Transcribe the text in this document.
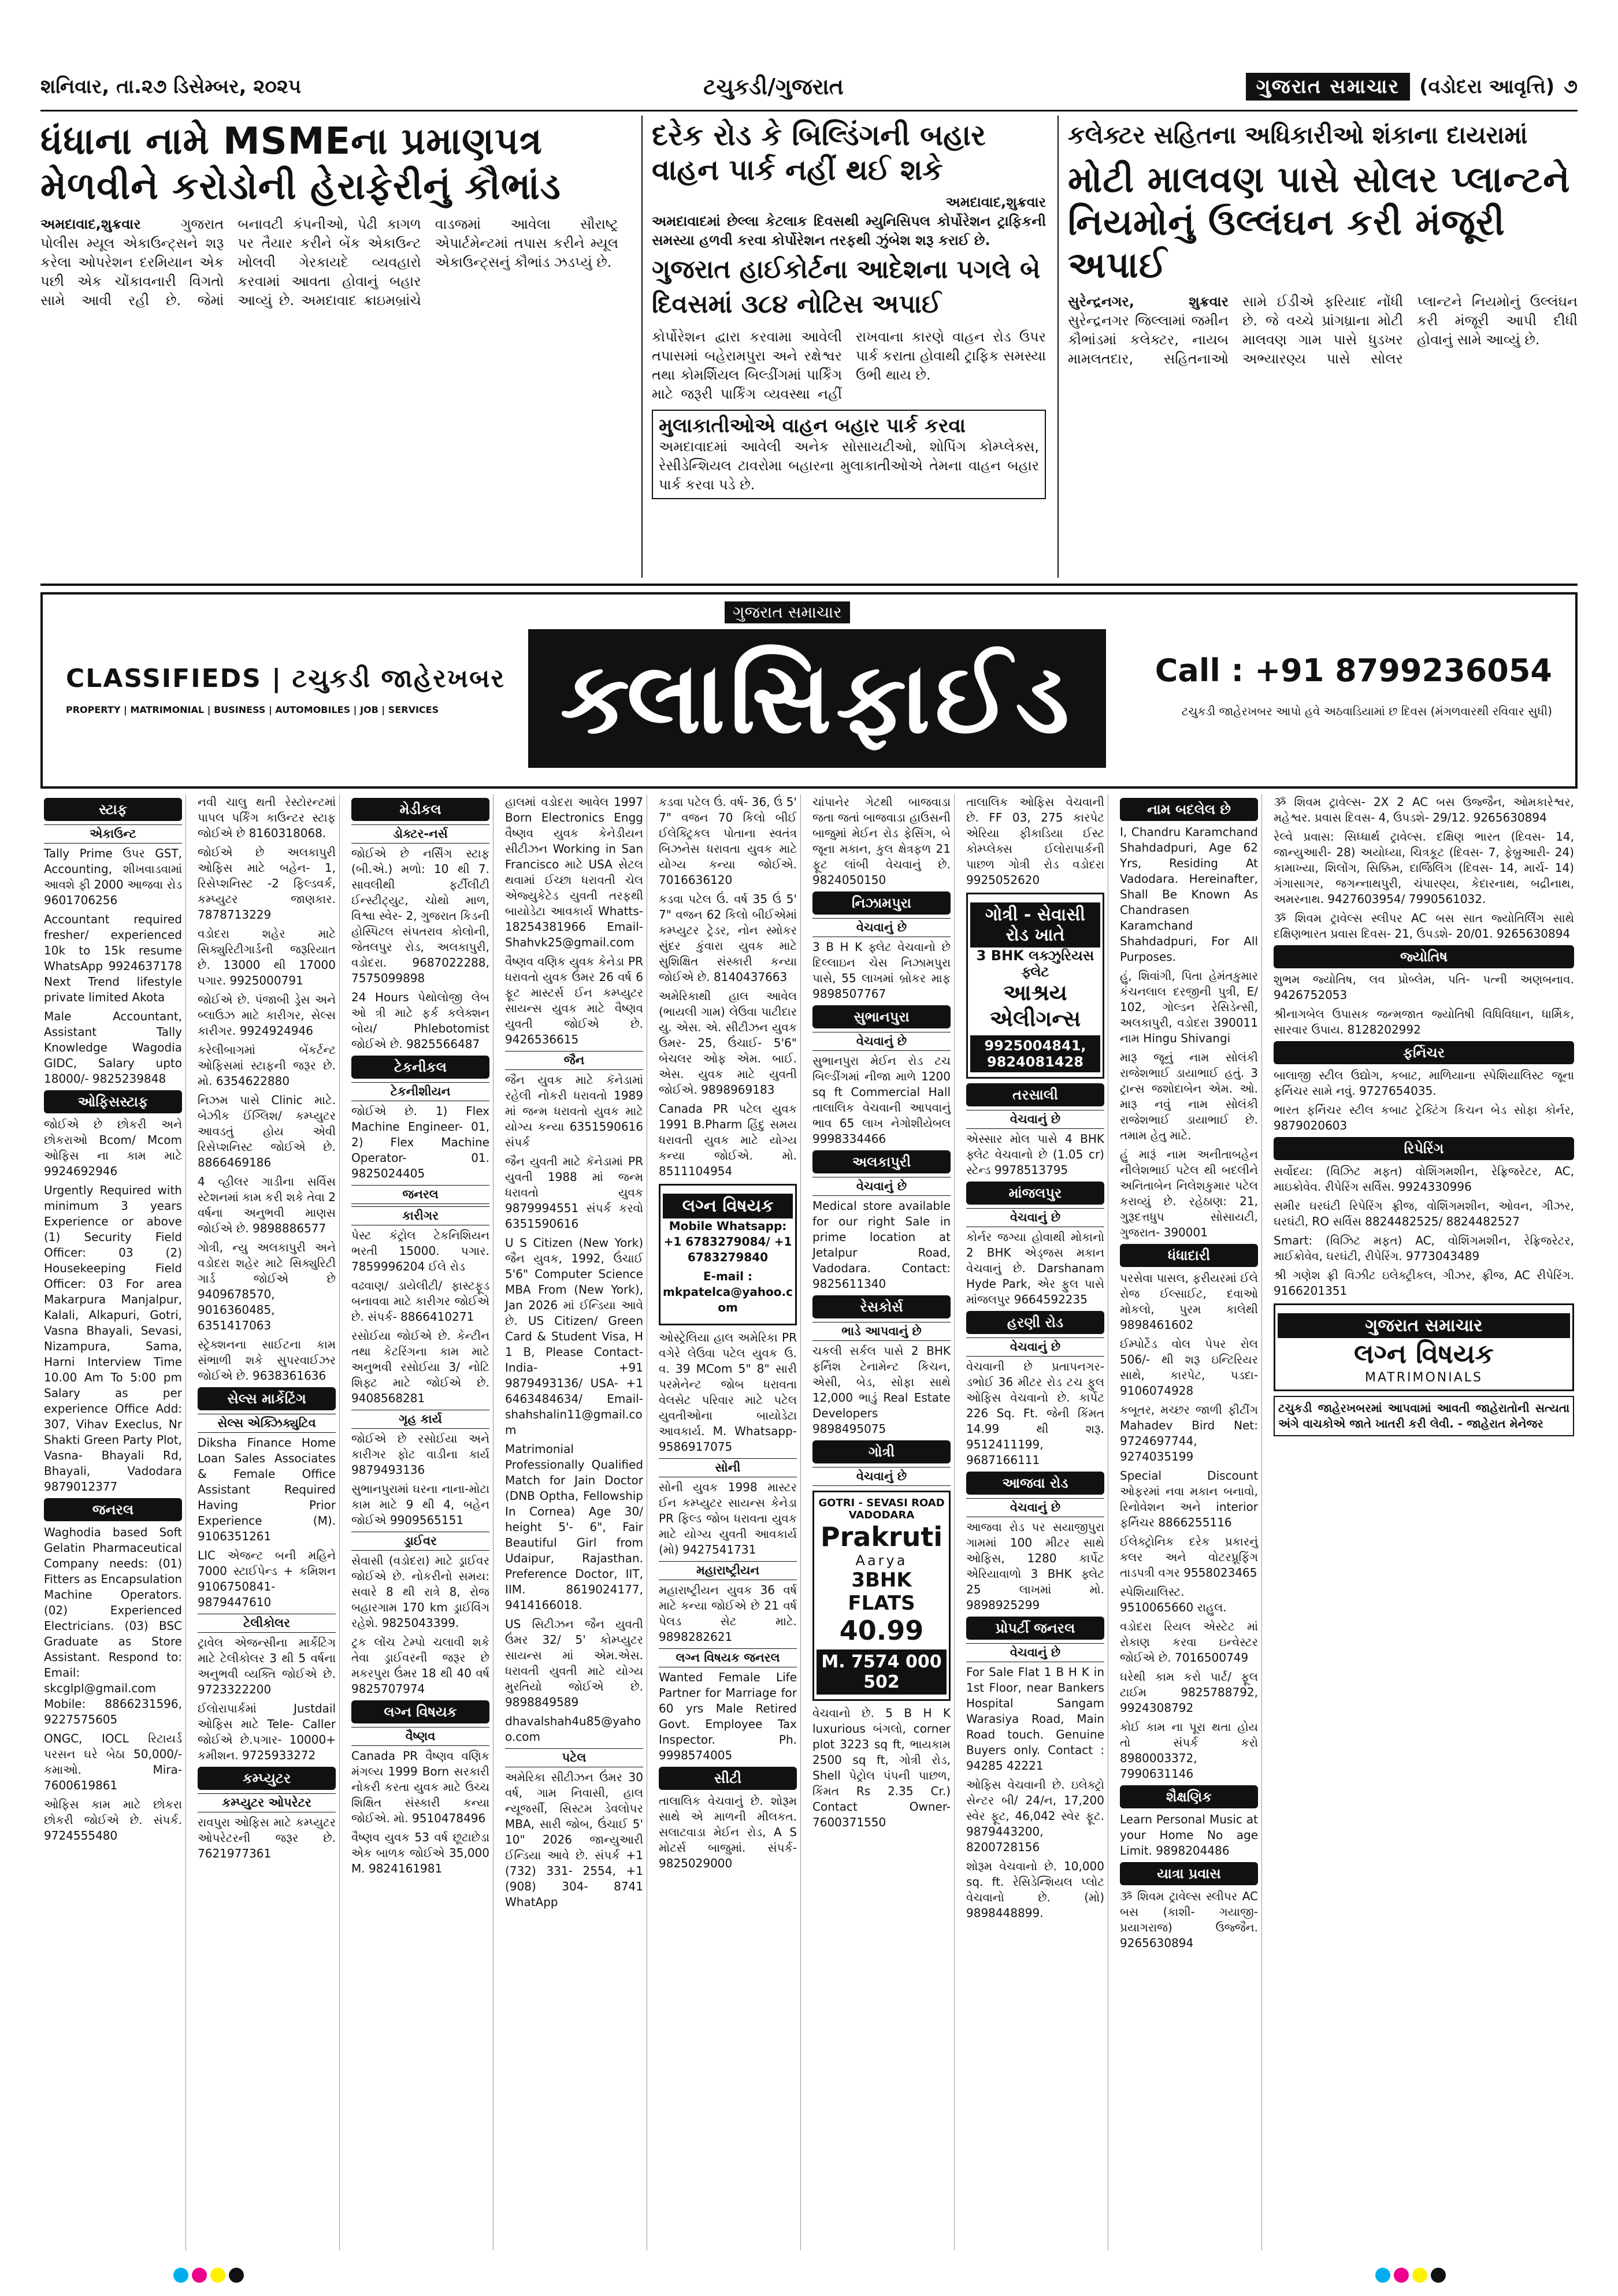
શનિવાર, તા.૨૭ ડિસેમ્બર, ૨૦૨૫	ટચુકડી/ગુજરાત	ગુજરાત સમાચાર	(વડોદરા આવૃત્તિ) ૭
ધંધાના નામે MSMEના પ્રમાણપત્ર મેળવીને કરોડોની હેરાફેરીનું કૌભાંડ

અમદાવાદ,શુક્રવાર	ગુજરાત પોલીસ મ્યૂલ એકાઉન્ટ્સને શરૂ કરેલા ઓપરેશન દરમિયાન એક પછી એક ચોંકાવનારી વિગતો સામે આવી રહી છે. જેમાં બનાવટી કંપનીઓ, પેઢી કાગળ પર તૈયાર કરીને બેંક એકાઉન્ટ ખોલવી ગેરકાયદે વ્યવહારો કરવામાં આવતા હોવાનું બહાર આવ્યું છે. અમદાવાદ ક્રાઇમબ્રાંચે વાડજમાં આવેલા સૌરાષ્ટ્ર એપાર્ટમેન્ટમાં તપાસ કરીને મ્યૂલ એકાઉન્ટ્સનું કૌભાંડ ઝડપ્યું છે.

દરેક રોડ કે બિલ્ડિંગની બહાર વાહન પાર્ક નહીં થઈ શકે

અમદાવાદ,શુક્રવાર

અમદાવાદમાં છેલ્લા કેટલાક દિવસથી મ્યુનિસિપલ કોર્પોરેશન ટ્રાફિકની સમસ્યા હળવી કરવા કોર્પોરેશન તરફથી ઝુંબેશ શરૂ કરાઈ છે.

ગુજરાત હાઈકોર્ટના આદેશના પગલે બે દિવસમાં ૩૮૪ નોટિસ અપાઈ

કોર્પોરેશન દ્વારા કરવામા આવેલી તપાસમાં બહેરામપુરા અને રક્ષેશ્વર તથા કોમર્શિયલ બિલ્ડીંગમાં પાર્કિંગ માટે જરૂરી પાર્કિંગ વ્યવસ્થા નહીં રાખવાના કારણે વાહન રોડ ઉપર પાર્ક કરાતા હોવાથી ટ્રાફિક સમસ્યા ઉભી થાય છે.

મુલાકાતીઓએ વાહન બહાર પાર્ક કરવા

અમદાવાદમાં આવેલી અનેક સોસાયટીઓ, શોપિંગ કોમ્પ્લેક્સ, રેસીડેન્શિયલ ટાવરોમા બહારના મુલાકાતીઓએ તેમના વાહન બહાર પાર્ક કરવા પડે છે.

કલેક્ટર સહિતના અધિકારીઓ શંકાના દાયરામાં
મોટી માલવણ પાસે સોલર પ્લાન્ટને નિયમોનું ઉલ્લંઘન કરી મંજૂરી અપાઈ

સુરેન્દ્રનગર, શુક્રવાર સુરેન્દ્રનગર જિલ્લામાં જમીન કૌભાંડમાં કલેક્ટર, નાયબ મામલતદાર, સહિતનાઓ સામે ઈડીએ ફરિયાદ નોંધી છે. જે વચ્ચે પ્રાંગધ્રાના મોટી માલવણ ગામ પાસે ધુડખર અભ્યારણ્ય પાસે સોલર પ્લાન્ટને નિયમોનું ઉલ્લંઘન કરી મંજૂરી આપી દીધી હોવાનું સામે આવ્યું છે.

ગુજરાત સમાચાર
CLASSIFIEDS | ટચુકડી જાહેરખબર
PROPERTY | MATRIMONIAL | BUSINESS | AUTOMOBILES | JOB | SERVICES	ક્લાસિફાઈડ	Call : +91 8799236054
ટચુકડી જાહેરખબર આપો હવે અઠવાડિયામાં છ દિવસ (મંગળવારથી રવિવાર સુધી)
સ્ટાફ
એકાઉન્ટ

Tally Prime ઉપર GST, Accounting, શીખવાડવામાં આવશે ફી 2000 આજવા રોડ 9601706256

Accountant required fresher/ experienced 10k to 15k resume WhatsApp 9924637178 Next Trend lifestyle private limited Akota

Male Accountant, Assistant Tally Knowledge Wagodia GIDC, Salary upto 18000/- 9825239848

ઓફિસસ્ટાફ

જોઈએ છે છોકરી અને છોકરાઓ Bcom/ Mcom ઓફિસ ના કામ માટે 9924692946

Urgently Required with minimum 3 years Experience or above (1) Security Field Officer: 03 (2) Housekeeping Field Officer: 03 For area Makarpura Manjalpur, Kalali, Alkapuri, Gotri, Vasna Bhayali, Sevasi, Nizampura, Sama, Harni Interview Time 10.00 Am To 5:00 pm Salary as per experience Office Add: 307, Vihav Execlus, Nr Shakti Green Party Plot, Vasna- Bhayali Rd, Bhayali, Vadodara 9879012377

જનરલ

Waghodia based Soft Gelatin Pharmaceutical Company needs: (01) Fitters as Encapsulation Machine Operators. (02) Experienced Electricians. (03) BSC Graduate as Store Assistant. Respond to: Email: skcglpl@gmail.com Mobile: 8866231596, 9227575605

ONGC, IOCL રિટાયર્ડ પરસન ઘરે બેઠા 50,000/- કમાઓ. Mira- 7600619861

ઓફિસ કામ માટે છોકરા છોકરી જોઈએ છે. સંપર્ક. 9724555480

નવી ચાલુ થતી રેસ્ટોરન્ટમાં પાપલ પર્કિંગ કાઉન્ટર સ્ટાફ જોઈએ છે 8160318068.

જોઈએ છે અલકાપુરી ઓફિસ માટે બહેન- 1, રિસેપ્શનિસ્ટ -2 ફિલ્ડવર્ક, કમ્પ્યુટર જાણકાર. 7878713229

વડોદરા શહેર માટે સિક્યુરિટીગાર્ડની જરૂરિયાત છે. 13000 થી 17000 પગાર. 9925000791

જોઈએ છે. પંજાબી ડ્રેસ અને બ્લાઉઝ માટે કારીગર, સેલ્સ કારીગર. 9924924946

કરેલીબાગમાં બેંકર્ટન્ટ ઓફિસમાં સ્ટાફની જરૂર છે. મો. 6354622880

નિઝમ પાસે Clinic માટે. બેઝીક ઈંગ્લિશ/ કમ્પ્યુટર આવડતું હોય એવી રિસેપ્શનિસ્ટ જોઈએ છે. 8866469186

4 વ્હીલર ગાડીના સર્વિસ સ્ટેશનમાં કામ કરી શકે તેવા 2 વર્ષના અનુભવી માણસ જોઈએ છે. 9898886577

ગોત્રી, ન્યુ અલકાપુરી અને વડોદરા શહેર માટે સિક્યુરિટી ગાર્ડ જોઈએ છે 9409678570, 9016360485, 6351417063

સ્ટ્રેક્શનના સાઈટના કામ સંભાળી શકે સુપરવાઈઝર જોઈએ છે. 9638361636

સેલ્સ માર્કેટિંગ
સેલ્સ એક્ઝિક્યુટિવ

Diksha Finance Home Loan Sales Associates & Female Office Assistant Required Having Prior Experience (M). 9106351261

LIC એજન્ટ બની મહિને 7000 સ્ટાઈપેન્ડ + કમિશન 9106750841- 9879447610

ટેલીકોલર

ટ્રાવેલ એજન્સીના માર્કેટિંગ માટે ટેલીકોલર 3 થી 5 વર્ષના અનુભવી વ્યક્તિ જોઈએ છે. 9723322200

ઈલોરાપાર્કમાં Justdail ઓફિસ માટે Tele- Caller જોઈએ છે.પગાર- 10000+ કમીશન. 9725933272

કમ્પ્યુટર
કમ્પ્યુટર ઓપરેટર

રાવપુરા ઓફિસ માટે કમ્પ્યુટર ઓપરેટરની જરૂર છે. 7621977361

મેડીકલ
ડોક્ટર-નર્સ

જોઈએ છે નર્સિંગ સ્ટાફ (બી.એ.) મળો: 10 થી 7. સાવલીથી ફર્ટીલીટી ઈન્સ્ટીટ્યુટ, ચોથો માળ, વિશ્વા સ્વેર- 2, ગુજરાત કિડની હોસ્પિટલ સંપતરાવ કોલોની, જેતલપુર રોડ, અલકાપુરી, વડોદરા. 9687022288, 7575099898

24 Hours પેથોલોજી લેબ ઓ ત્રી માટે ફર્ક કલેક્શન બોય/ Phlebotomist જોઈએ છે. 9825566487

ટેકનીકલ
ટેકનીશીયન

જોઈએ છે. 1) Flex Machine Engineer- 01, 2) Flex Machine Operator- 01. 9825024405

જનરલ
કારીગર

પેસ્ટ કંટ્રોલ ટેકનિશિયન ભરતી 15000. પગાર. 7859996204 ઈલે રોડ

વઢવાણ/ ડાયેલીટી/ ફાસ્ટફૂડ બનાવવા માટે કારીગર જોઈએ છે. સંપર્ક- 8866410271

રસોઈયા જોઈએ છે. કેન્ટીન તથા કેટરિંગના કામ માટે અનુભવી રસોઈયા 3/ નોટિ શિફ્ટ માટે જોઈએ છે. 9408568281

ગૃહ કાર્ય

જોઈએ છે રસોઈયા અને કારીગર ફોટ વાડીના કાર્ય 9879493136

સુભાનપુરામાં ઘરના નાના-મોટા કામ માટે 9 થી 4, બહેન જોઈએ 9909565151

ડ્રાઈવર

સેવાસી (વડોદરા) માટે ડ્રાઈવર જોઈએ છે. નોકરીનો સમય: સવારે 8 થી રાત્રે 8, રોજ બહારગામ 170 km ડ્રાઈવિંગ રહેશે. 9825043399.

ટ્રક લોંચ ટેમ્પો ચલાવી શકે તેવા ડ્રાઈવરની જરૂર છે મકરપુરા ઉંમર 18 થી 40 વર્ષ 9825707974

લગ્ન વિષયક
વૈષ્ણવ

Canada PR વૈષ્ણવ વણિક મંગલ્ય 1999 Born સરકારી નોકરી કરતા યુવક માટે ઉચ્ચ શિક્ષિત સંસ્કારી કન્યા જોઈએ. મો. 9510478496

વૈષ્ણવ યુવક 53 વર્ષ છૂટાછેડા એક બાળક જોઈએ 35,000 M. 9824161981

હાલમાં વડોદરા આવેલ 1997 Born Electronics Engg વૈષ્ણવ યુવક કેનેડીયન સીટીઝન Working in San Francisco માટે USA સેટલ થવામાં ઈચ્છા ધરાવતી ચેલ એજ્યુકેટેડ યુવતી તરફથી બાયોડેટા આવકાર્ય Whatts- 18254381966 Email- Shahvk25@gmail.com

વૈષ્ણવ વણિક યુવક કેનેડા PR ધરાવતો યુવક ઉંમર 26 વર્ષ 6 ફૂટ માસ્ટર્સ ઈન કમ્પ્યુટર સાયન્સ યુવક માટે વૈષ્ણવ યુવતી જોઈએ છે. 9426536615

જૈન

જૈન યુવક માટે કૅનેડામાં રહેલી નોકરી ધરાવતો 1989 માં જન્મ ધરાવતો યુવક માટે યોગ્ય કન્યા 6351590616 સંપર્ક

જૈન યુવતી માટે કૅનેડામાં PR યુવતી 1988 માં જન્મ ધરાવતો યુવક 9879994551 સંપર્ક કરવો 6351590616

U S Citizen (New York) જૈન યુવક, 1992, ઉંચાઈ 5'6" Computer Science MBA From (New York), Jan 2026 માં ઈન્ડિયા આવે છે. US Citizen/ Green Card & Student Visa, H 1 B, Please Contact- India- +91 9879493136/ USA- +1 6463484634/ Email- shahshalin11@gmail.com

Matrimonial Professionally Qualified Match for Jain Doctor (DNB Optha, Fellowship In Cornea) Age 30/ height 5'- 6", Fair Beautiful Girl from Udaipur, Rajasthan. Preference Doctor, IIT, IIM. 8619024177, 9414166018.

US સિટીઝન જૈન યુવતી ઉંમર 32/ 5' કોમ્પ્યુટર સાયન્સ માં એમ.એસ. ધરાવતી યુવતી માટે યોગ્ય મુરતિયો જોઈએ છે. 9898849589

dhavalshah4u85@yahoo.com

પટેલ

અમેરિકા સીટીઝન ઉંમર 30 વર્ષ, ગામ નિવાસી, હાલ ન્યૂજર્સી, સિસ્ટમ ડેવલોપર MBA, સારી જોબ, ઉંચાઈ 5' 10" 2026 જાન્યુઆરી ઈન્ડિયા આવે છે. સંપર્ક +1 (732) 331- 2554, +1 (908) 304- 8741 WhatApp

કડવા પટેલ ઉં. વર્ષ- 36, ઉં 5' 7" વજન 70 કિલો બીઈ ઈલેક્ટ્રિકલ પોતાના સ્વતંત્ર બિઝનેસ ધરાવતા યુવક માટે યોગ્ય કન્યા જોઈએ. 7016636120

કડવા પટેલ ઉં. વર્ષ 35 ઉં 5' 7" વજન 62 કિલો બીઈએમાં કમ્પ્યુટર ટ્રેડર, નોન સ્મોકર સુંદર કુંવારા યુવક માટે સુશિક્ષિત સંસ્કારી કન્યા જોઈએ છે. 8140437663

અમેરિકાથી હાલ આવેલ (ભાયલી ગામ) લેઉવા પાટીદાર યુ. એસ. એ. સીટીઝન યુવક ઉમર- 25, ઉંચાઈ- 5'6" બેચલર ઓફ એમ. બાઈ. એસ. યુવક માટે યુવતી જોઈએ. 9898969183

Canada PR પટેલ યુવક 1991 B.Pharm હિંદુ સમય ધરાવતી યુવક માટે યોગ્ય કન્યા જોઈએ. મો. 8511104954

લગ્ન વિષયક

Mobile Whatsapp: +1 6783279084/ +1 6783279840

E-mail : mkpatelca@yahoo.com

ઓસ્ટ્રેલિયા હાલ અમેરિકા PR વગેરે લેઉવા પટેલ યુવક ઉ. વ. 39 MCom 5" 8" સારી પરમેનેન્ટ જોબ ધરાવતા વેલસેટ પરિવાર માટે પટેલ યુવતીઓના બાયોડેટા આવકાર્ય. M. Whatsapp- 9586917075

સોની

સોની યુવક 1998 માસ્ટર ઈન કમ્પ્યુટર સાયન્સ કેનેડા PR ફિલ્ડ જોબ ધરાવતા યુવક માટે યોગ્ય યુવતી આવકાર્ય (મો) 9427541731

મહારાષ્ટ્રીયન

મહારાષ્ટ્રીયન યુવક 36 વર્ષ માટે કન્યા જોઈએ છે 21 વર્ષ પેલડ સેટ માટે. 9898282621

લગ્ન વિષયક જનરલ

Wanted Female Life Partner for Marriage for 60 yrs Male Retired Govt. Employee Tax Inspector. Ph. 9998574005

સીટી

તાલાલિક વેચવાનું છે. શોરૂમ સાથે એ માળની મીલકત. સલાટવાડા મેઈન રોડ, A S મોટર્સ બાજુમાં. સંપર્ક- 9825029000

ચાંપાનેર ગેટથી બાજવાડા જતા જતાં બાજવાડા હાઉસની બાજુમાં મેઈન રોડ ફેસિંગ, બે જૂના મકાન, કુલ ક્ષેત્રફળ 21 ફૂટ લાંબી વેચવાનું છે. 9824050150

નિઝામપુરા
વેચવાનું છે

3 B H K ફ્લેટ વેચવાનો છે દિલ્લાઇન ચેસ નિઝામપુરા પાસે, 55 લાખમાં બ્રોકર માફ 9898507767

સુભાનપુરા
વેચવાનું છે

સુભાનપુરા મેઈન રોડ ટચ બિલ્ડીંગમાં નીજા માળે 1200 sq ft Commercial Hall તાલાલિક વેચવાની આપવાનું ભાવ 65 લાખ નેગોશીયેબલ 9998334466

અલકાપુરી
વેચવાનું છે

Medical store available for our right Sale in prime location at Jetalpur Road, Vadodara. Contact: 9825611340

રેસકોર્સ
ભાડે આપવાનું છે

ચકલી સર્કલ પાસે 2 BHK ફર્નિશ ટેનામેન્ટ કિચન, એસી, બેડ, સોફા સાથે 12,000 ભાડું Real Estate Developers 9898495075

ગોત્રી
વેચવાનું છે
GOTRI - SEVASI ROAD VADODARA
Prakruti
Aarya
3BHK FLATS
40.99
M. 7574 000 502

વેચવાનો છે. 5 B H K luxurious બંગલો, corner plot 3223 sq ft, ભાયકામ 2500 sq ft, ગોત્રી રોડ, Shell પેટ્રોલ પંપની પાછળ, કિંમત Rs 2.35 Cr.) Contact Owner- 7600371550

તાલાલિક ઓફિસ વેચવાની છે. FF 03, 275 કારપેટ એરિયા ફીકાડિયા ઈસ્ટ કોમ્પ્લેક્સ ઈલોરાપાર્કની પાછળ ગોત્રી રોડ વડોદરા 9925052620

ગોત્રી - સેવાસી રોડ ખાતે
3 BHK લક્ઝુરિયસ ફ્લેટ
આશ્રય એલીગન્સ
9925004841, 9824081428
તરસાલી
વેચવાનું છે

એસ્સાર મોલ પાસે 4 BHK ફ્લેટ વેચવાનો છે (1.05 cr) સ્ટેન્ડ 9978513795

માંજલપુર
વેચવાનું છે

કોર્નર જગ્યા હોવાથી મોકાનો 2 BHK એડ્જસ મકાન વેચવાનું છે. Darshanam Hyde Park, એર ફુલ પાસે માંજલપુર 9664592235

હરણી રોડ
વેચવાનું છે

વેચવાની છે પ્રતાપનગર- ડભોઈ 36 મીટર રોડ ટચ ફુલ ઓફિસ વેચવાનો છે. કાર્પેટ 226 Sq. Ft. જેની કિંમત 14.99 થી શરૂ. 9512411199, 9687166111

આજવા રોડ
વેચવાનું છે

આજવા રોડ પર સયાજીપુરા ગામમાં 100 મીટર સાથે ઓફિસ, 1280 કાર્પેટ એરિયાવાળો 3 BHK ફ્લેટ 25 લાખમાં મો. 9898925299

પ્રોપર્ટી જનરલ
વેચવાનું છે

For Sale Flat 1 B H K in 1st Floor, near Bankers Hospital Sangam Warasiya Road, Main Road touch. Genuine Buyers only. Contact : 94285 42221

ઓફિસ વેચવાની છે. ઇલેક્ટ્રો સેન્ટર બી/ 24/ન, 17,200 સ્વેર ફૂટ, 46,042 સ્વેર ફૂટ. 9879443200, 8200728156

શોરૂમ વેચવાનો છે. 10,000 sq. ft. રેસિડેન્શિયલ પ્લોટ વેચવાનો છે. (મો) 9898448899.

નામ બદલેલ છે

I, Chandru Karamchand Shahdadpuri, Age 62 Yrs, Residing At Vadodara. Hereinafter, Shall Be Known As Chandrasen Karamchand Shahdadpuri, For All Purposes.

હું, શિવાંગી, પિતા હેમંતકુમાર કંચનલાલ દરજીની પુત્રી, E/ 102, ગોલ્ડન રેસિડેન્સી, અલકાપુરી, વડોદરા 390011 નામ Hingu Shivangi

મારૂ જૂનું નામ સોલંકી રાજેશભાઈ ડાયાભાઈ હતું. 3 ટ્રાન્સ જશોદાબેન એમ. ઓ. મારૂ નવું નામ સોલંકી રાજેશભાઈ ડાયાભાઈ છે. તમામ હેતુ માટે.

હું મારૂં નામ અનીતાબહેન નીલેશભાઈ પટેલ થી બદલીને અનિતાબેન નિલેશકુમાર પટેલ કરાવ્યું છે. રહેઠાણ: 21, ગુરૂદત્તધુપ સોસાયટી, ગુજરાત- 390001

ધંધાદારી

પરસેવા પાસલ, ફરીયરમાં ઈલે રોજ ઈલ્સાઈટ, દવાઓ મોકલો, પુરમ કાલેથી 9898461602

ઈમ્પોર્ટેડ વોલ પેપર રોલ 506/- થી શરૂ ઇન્ટિરિયર સાથે, કારપેટ, પડદા- 9106074928

કબૂતર, મચ્છર જાળી ફીટીંગ Mahadev Bird Net: 9724697744, 9274035199

Special Discount ઓફરમાં નવા મકાન બનાવો, રિનોવેશન અને interior ફર્નિચર 8866255116

ઈલેક્ટ્રોનિક દરેક પ્રકારનું કલર અને વોટરપ્રૂફિંગ તાડપત્રી વગર 9558023465

સ્પેશિયાલિસ્ટ. 9510065660 રાહુલ.

વડોદરા રિયલ એસ્ટેટ માં રોકાણ કરવા ઇન્વેસ્ટર જોઈએ છે. 7016500749

ઘરેથી કામ કરો પાર્ટ/ ફૂલ ટાઈમ 9825788792, 9924308792

કોઈ કામ ના પૂરા થતા હોય તો સંપર્ક કરો 8980003372, 7990631146

શૈક્ષણિક

Learn Personal Music at your Home No age Limit. 9898204486

યાત્રા પ્રવાસ

ૐ શિવમ ટ્રાવેલ્સ સ્લીપર AC બસ (કાશી- ગયાજી- પ્રયાગરાજ) ઉજ્જૈન. 9265630894

ૐ શિવમ ટ્રાવેલ્સ- 2X 2 AC બસ ઉજ્જૈન, ઓમકારેશ્વર, મહેશ્વર. પ્રવાસ દિવસ- 4, ઉપડશે- 29/12. 9265630894

રેલ્વે પ્રવાસ: સિધ્ધાર્થ ટ્રાવેલ્સ. દક્ષિણ ભારત (દિવસ- 14, જાન્યુઆરી- 28) અયોધ્યા, ચિત્રકૂટ (દિવસ- 7, ફેબ્રુઆરી- 24) કામાખ્યા, શિલોંગ, સિક્કિમ, દાર્જિલિંગ (દિવસ- 14, માર્ચ- 14) ગંગાસાગર, જગન્નાથપુરી, ચંપારણ્ય, કેદારનાથ, બદ્રીનાથ, અમરનાથ. 9427603954/ 7990561032.

ૐ શિવમ ટ્રાવેલ્સ સ્લીપર AC બસ સાત જ્યોતિર્લિંગ સાથે દક્ષિણભારત પ્રવાસ દિવસ- 21, ઉપડશે- 20/01. 9265630894

જ્યોતિષ

શુભમ જ્યોતિષ, લવ પ્રોબ્લેમ, પતિ- પત્ની અણબનાવ. 9426752053

શ્રીનાગબેલ ઉપાસક જન્મજાત જ્યોતિષી વિધિવિધાન, ધાર્મિક, સારવાર ઉપાય. 8128202992

ફર્નિચર

બાલાજી સ્ટીલ ઉદ્યોગ, કબાટ, માળિયાના સ્પેશિયાલિસ્ટ જૂના ફર્નિચર સામે નવું. 9727654035.

ભારત ફર્નિચર સ્ટીલ કબાટ ટ્રેક્ટિંગ કિચન બેડ સોફા કોર્નર, 9879020603

રિપેરિંગ

સર્વોદય: (વિઝિટ મફત) વોશિંગમશીન, રેફ્રિજરેટર, AC, માઇક્રોવેવ. રીપેરિંગ સર્વિસ. 9924330996

સમીર ઘરઘંટી રિપેરિંગ ફ્રીજ, વોશિંગમશીન, ઓવન, ગીઝર, ઘરઘંટી, RO સર્વિસ 8824482525/ 8824482527

Smart: (વિઝિટ મફત) AC, વોશિંગમશીન, રેફ્રિજરેટર, માઈક્રોવેવ, ઘરઘંટી, રીપેરિંગ. 9773043489

શ્રી ગણેશ ફ્રી વિઝીટ ઇલેક્ટ્રીકલ, ગીઝર, ફ્રીજ, AC રીપેરિંગ. 9166201351

ગુજરાત સમાચાર
લગ્ન વિષયક
MATRIMONIALS

ટચુકડી જાહેરખબરમાં આપવામાં આવતી જાહેરાતોની સત્યતા અંગે વાચકોએ જાતે ખાતરી કરી લેવી. - જાહેરાત મેનેજર
